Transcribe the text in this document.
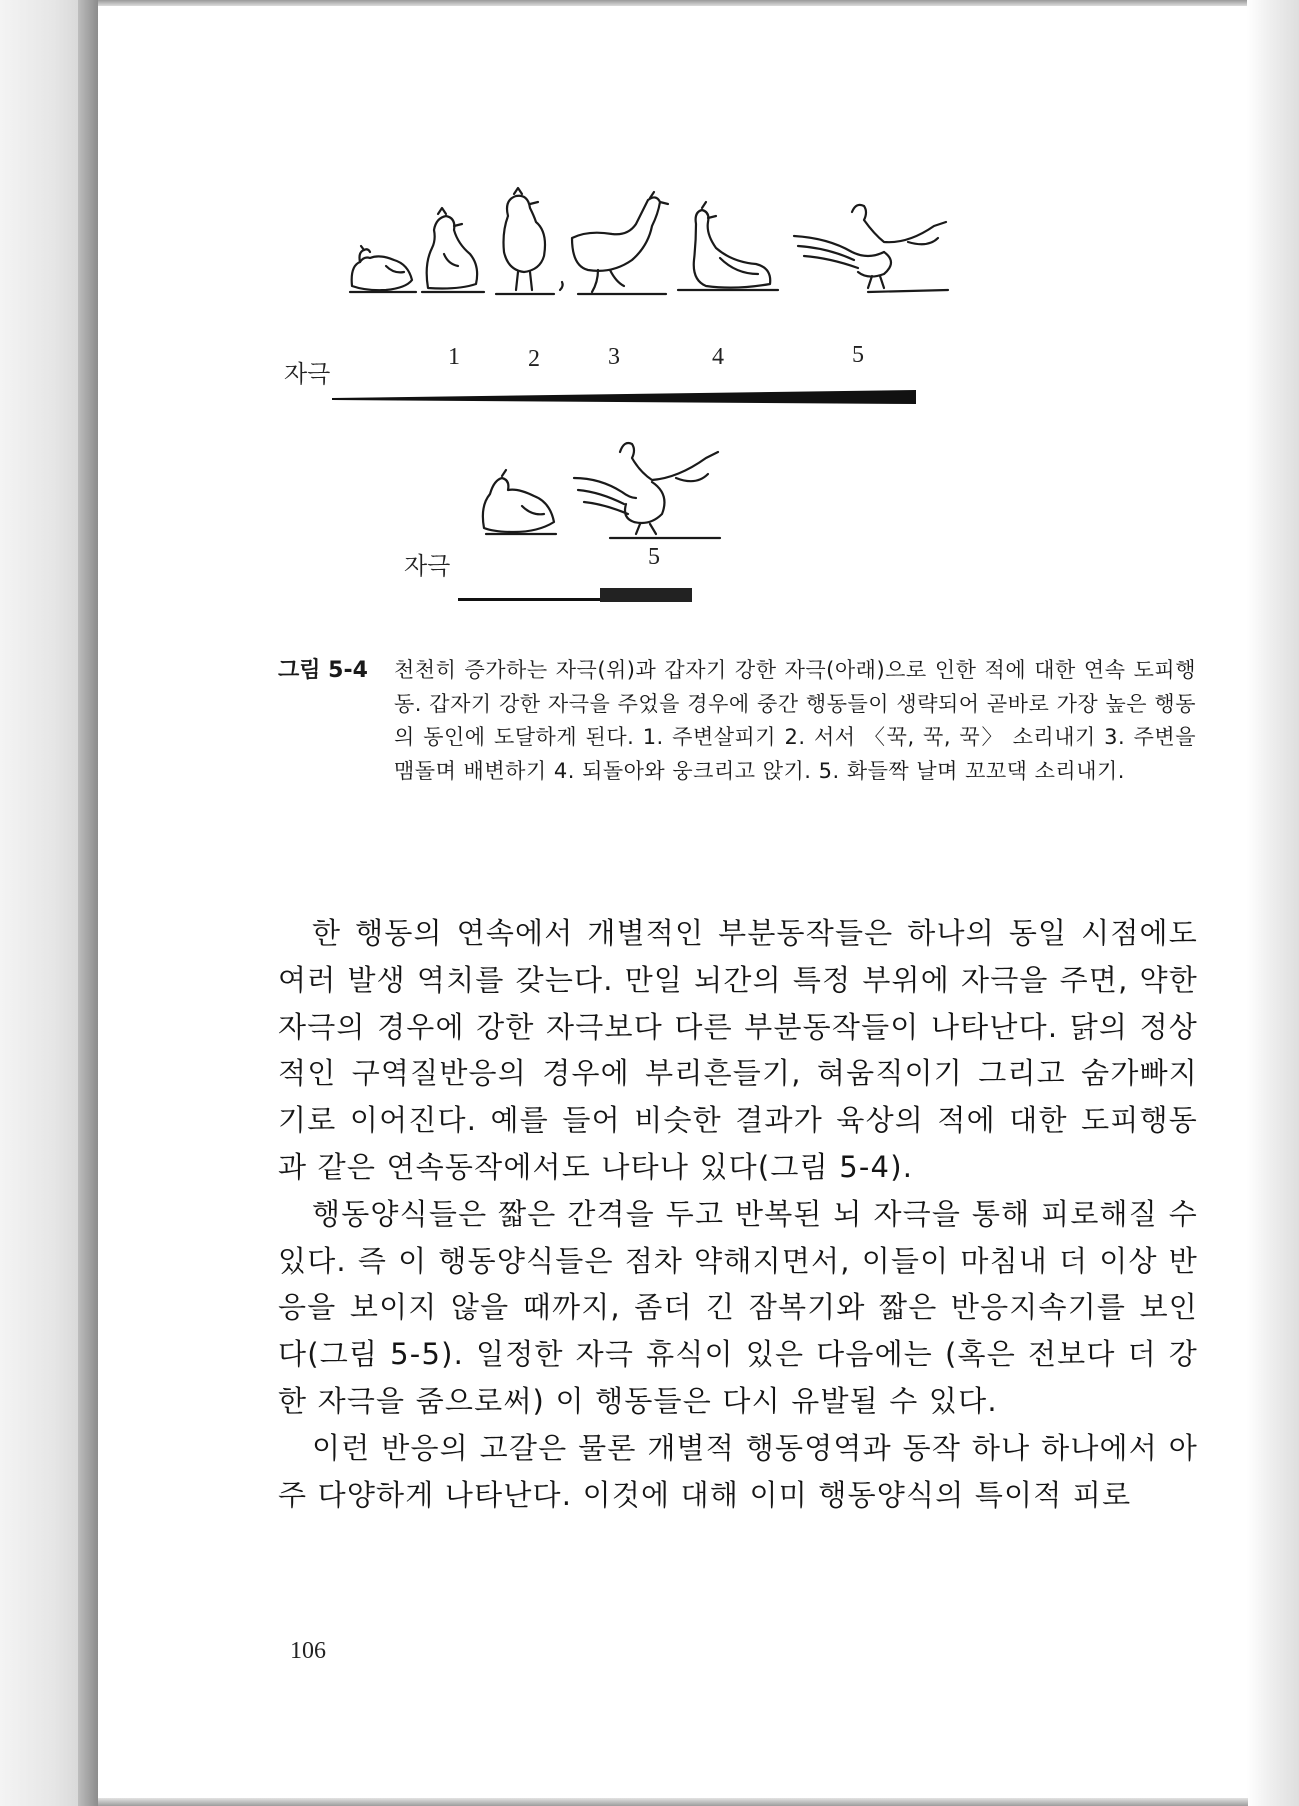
자극
1	2	3	4	5
자극	5
그림 5-4	천천히 증가하는 자극(위)과 갑자기 강한 자극(아래)으로 인한 적에 대한 연속 도피행동. 갑자기 강한 자극을 주었을 경우에 중간 행동들이 생략되어 곧바로 가장 높은 행동의 동인에 도달하게 된다. 1. 주변살피기 2. 서서 〈꾹, 꾹, 꾹〉 소리내기 3. 주변을 맴돌며 배변하기 4. 되돌아와 웅크리고 앉기. 5. 화들짝 날며 꼬꼬댁 소리내기.

한 행동의 연속에서 개별적인 부분동작들은 하나의 동일 시점에도 여러 발생 역치를 갖는다. 만일 뇌간의 특정 부위에 자극을 주면, 약한 자극의 경우에 강한 자극보다 다른 부분동작들이 나타난다. 닭의 정상적인 구역질반응의 경우에 부리흔들기, 혀움직이기 그리고 숨가빠지기로 이어진다. 예를 들어 비슷한 결과가 육상의 적에 대한 도피행동과 같은 연속동작에서도 나타나 있다(그림 5-4).

행동양식들은 짧은 간격을 두고 반복된 뇌 자극을 통해 피로해질 수 있다. 즉 이 행동양식들은 점차 약해지면서, 이들이 마침내 더 이상 반응을 보이지 않을 때까지, 좀더 긴 잠복기와 짧은 반응지속기를 보인다(그림 5-5). 일정한 자극 휴식이 있은 다음에는 (혹은 전보다 더 강한 자극을 줌으로써) 이 행동들은 다시 유발될 수 있다.

이런 반응의 고갈은 물론 개별적 행동영역과 동작 하나 하나에서 아주 다양하게 나타난다. 이것에 대해 이미 행동양식의 특이적 피로

106
